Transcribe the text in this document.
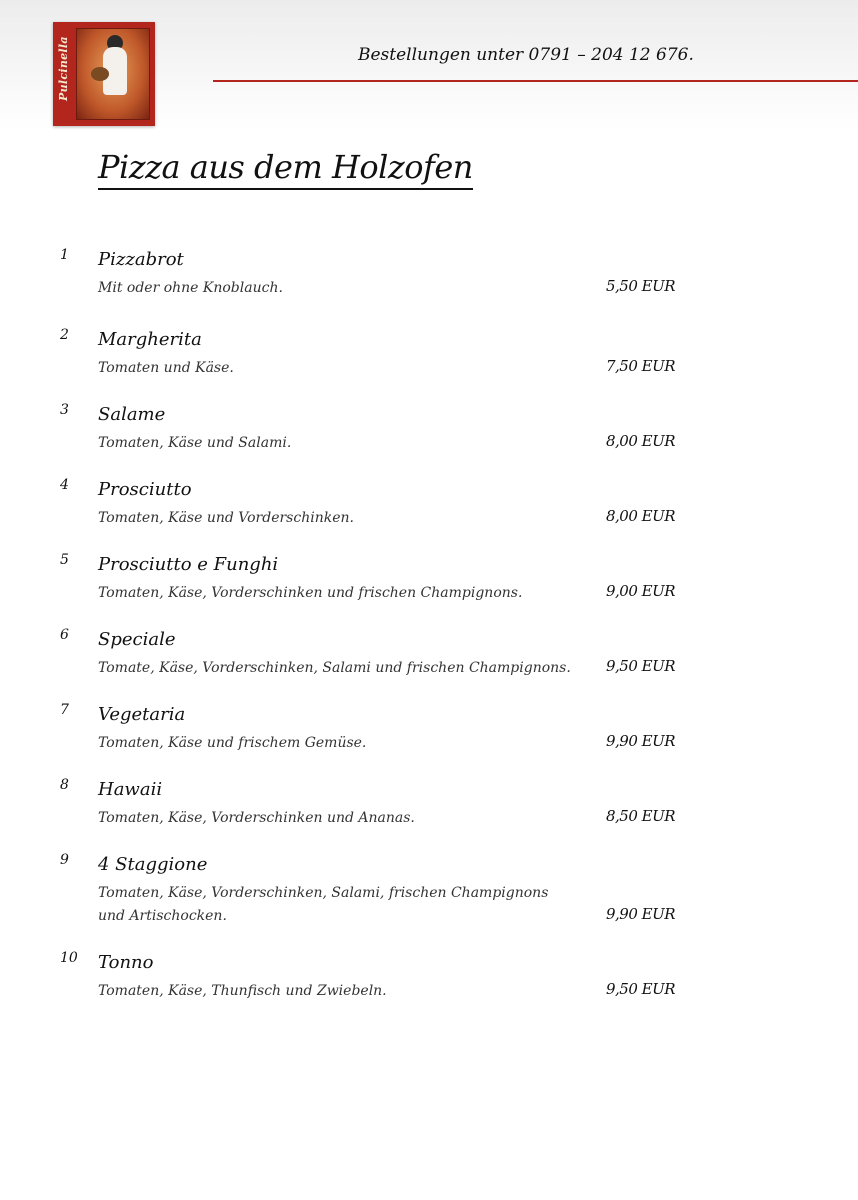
Pulcinella	Bestellungen unter 0791 – 204 12 676.
Pizza aus dem Holzofen
1 Pizzabrot
Mit oder ohne Knoblauch.	5,50 EUR
2 Margherita
Tomaten und Käse.	7,50 EUR
3 Salame
Tomaten, Käse und Salami.	8,00 EUR
4 Prosciutto
Tomaten, Käse und Vorderschinken.	8,00 EUR
5 Prosciutto e Funghi
Tomaten, Käse, Vorderschinken und frischen Champignons.	9,00 EUR
6 Speciale
Tomate, Käse, Vorderschinken, Salami und frischen Champignons.	9,50 EUR
7 Vegetaria
Tomaten, Käse und frischem Gemüse.	9,90 EUR
8 Hawaii
Tomaten, Käse, Vorderschinken und Ananas.	8,50 EUR
9 4 Staggione
Tomaten, Käse, Vorderschinken, Salami, frischen Champignons und Artischocken.	9,90 EUR
10 Tonno
Tomaten, Käse, Thunfisch und Zwiebeln.	9,50 EUR
